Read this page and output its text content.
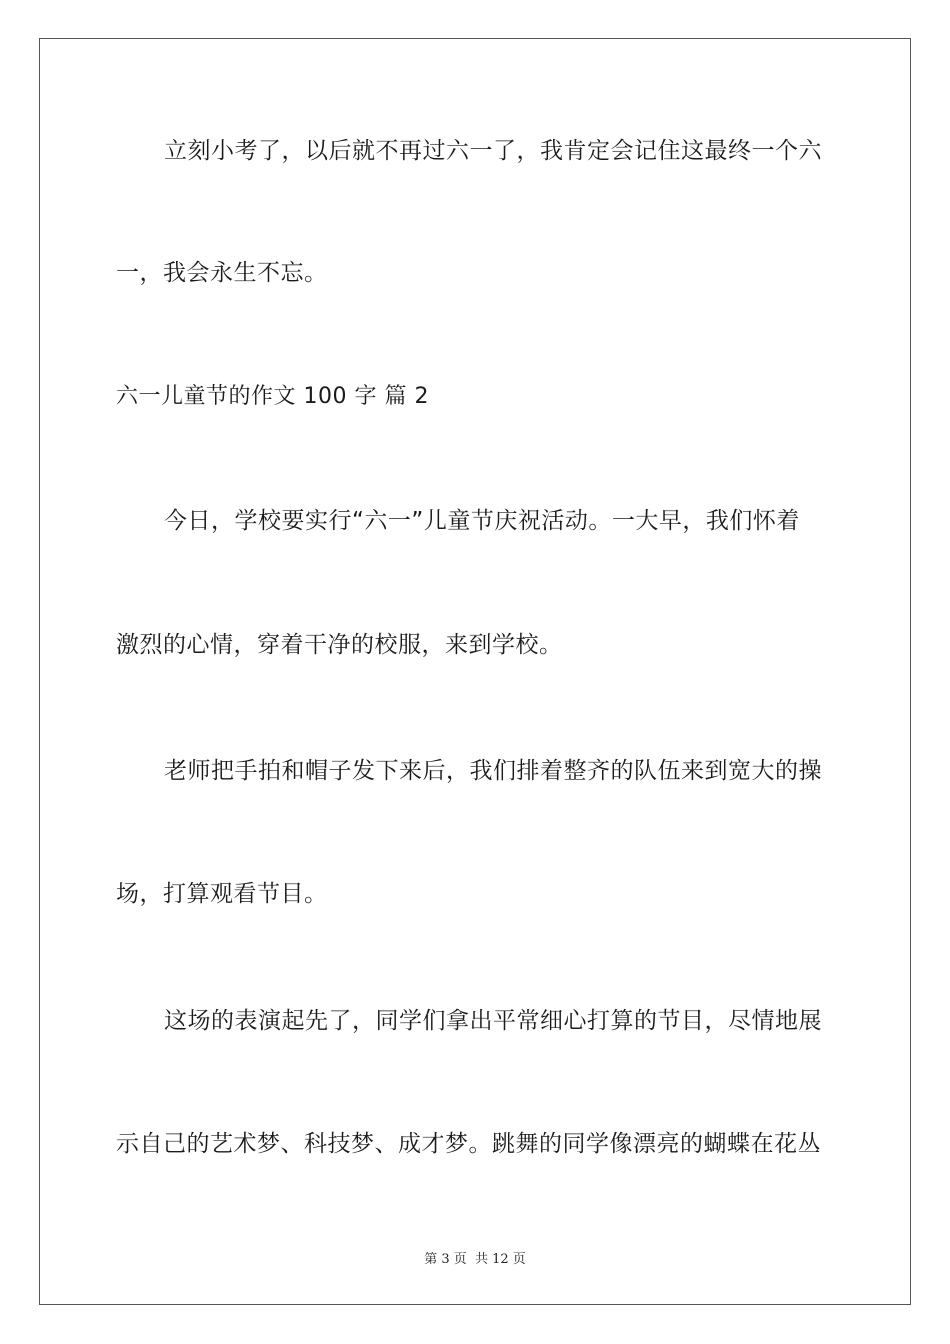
立刻小考了，以后就不再过六一了，我肯定会记住这最终一个六
一，我会永生不忘。
六一儿童节的作文 100 字 篇 2
今日，学校要实行“六一”儿童节庆祝活动。一大早，我们怀着
激烈的心情，穿着干净的校服，来到学校。
老师把手拍和帽子发下来后，我们排着整齐的队伍来到宽大的操
场，打算观看节目。
这场的表演起先了，同学们拿出平常细心打算的节目，尽情地展
示自己的艺术梦、科技梦、成才梦。跳舞的同学像漂亮的蝴蝶在花丛
第 3 页 共 12 页
